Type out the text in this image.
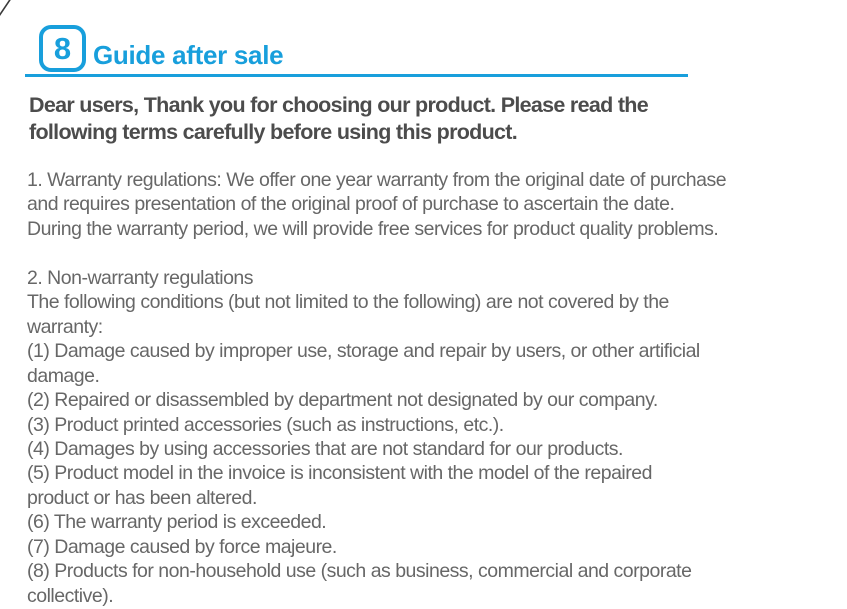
8 Guide after sale
Dear users, Thank you for choosing our product. Please read the
following terms carefully before using this product.
1. Warranty regulations: We offer one year warranty from the original date of purchase
and requires presentation of the original proof of purchase to ascertain the date.
During the warranty period, we will provide free services for product quality problems.
2. Non-warranty regulations
The following conditions (but not limited to the following) are not covered by the
warranty:
(1) Damage caused by improper use, storage and repair by users, or other artificial
damage.
(2) Repaired or disassembled by department not designated by our company.
(3) Product printed accessories (such as instructions, etc.).
(4) Damages by using accessories that are not standard for our products.
(5) Product model in the invoice is inconsistent with the model of the repaired
product or has been altered.
(6) The warranty period is exceeded.
(7) Damage caused by force majeure.
(8) Products for non-household use (such as business, commercial and corporate
collective).
